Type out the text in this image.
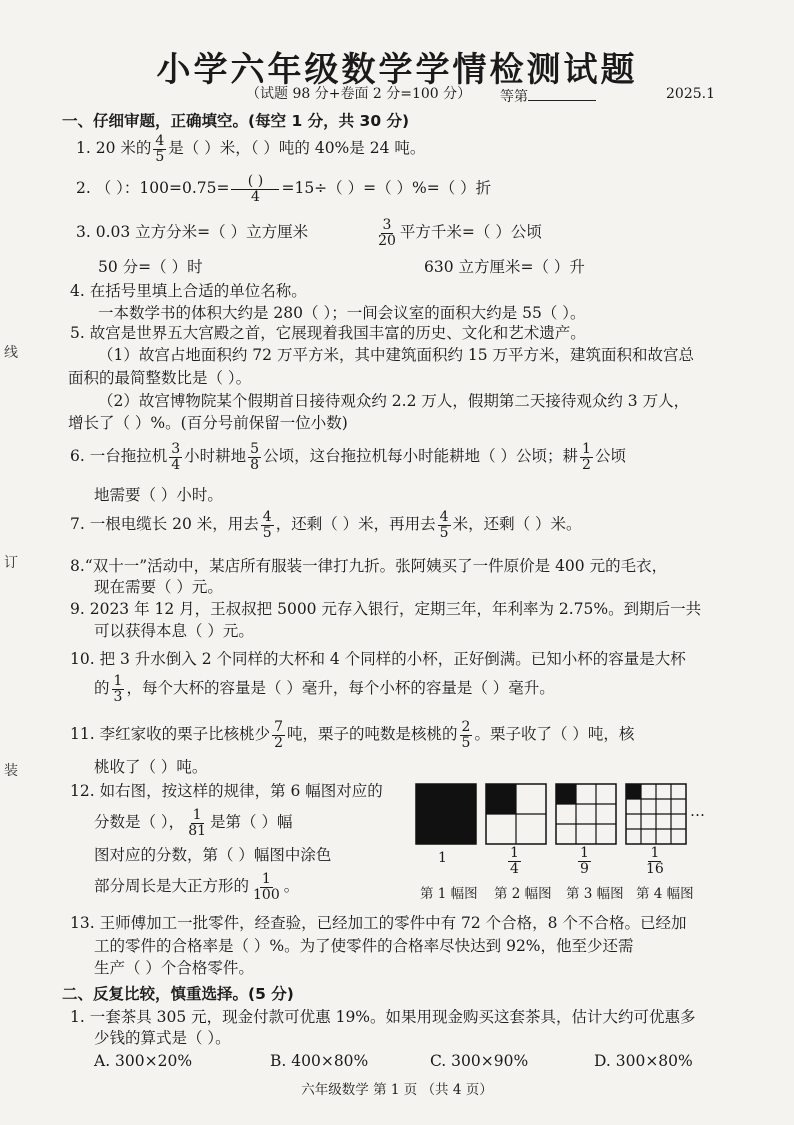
线
订
装
小学六年级数学学情检测试题
（试题 98 分+卷面 2 分=100 分） 等第	2025.1
一、仔细审题，正确填空。(每空 1 分，共 30 分)
1. 20 米的 $\frac{4}{5}$ 是（ ）米，（ ）吨的 40%是 24 吨。
2. （ ）：$100=0.75= \frac{( )}{4} =15\div$（ ）=（ ）%=（ ）折
3. 0.03 立方分米=（ ）立方厘米	$\frac{3}{20}$ 平方千米=（ ）公顷
50 分=（ ）时	630 立方厘米=（ ）升
4. 在括号里填上合适的单位名称。
一本数学书的体积大约是 280（ ）；一间会议室的面积大约是 55（ ）。
5. 故宫是世界五大宫殿之首，它展现着我国丰富的历史、文化和艺术遗产。
（1）故宫占地面积约 72 万平方米，其中建筑面积约 15 万平方米，建筑面积和故宫总
面积的最简整数比是（ ）。
（2）故宫博物院某个假期首日接待观众约 2.2 万人，假期第二天接待观众约 3 万人，
增长了（ ）%。(百分号前保留一位小数)
6. 一台拖拉机 $\frac{3}{4}$ 小时耕地 $\frac{5}{8}$ 公顷，这台拖拉机每小时能耕地（ ）公顷；耕 $\frac{1}{2}$ 公顷
地需要（ ）小时。
7. 一根电缆长 20 米，用去 $\frac{4}{5}$ ，还剩（ ）米，再用去 $\frac{4}{5}$ 米，还剩（ ）米。
8.“双十一”活动中，某店所有服装一律打九折。张阿姨买了一件原价是 400 元的毛衣，
现在需要（ ）元。
9. 2023 年 12 月，王叔叔把 5000 元存入银行，定期三年，年利率为 2.75%。到期后一共
可以获得本息（ ）元。
10. 把 3 升水倒入 2 个同样的大杯和 4 个同样的小杯，正好倒满。已知小杯的容量是大杯
的 $\frac{1}{3}$ ，每个大杯的容量是（ ）毫升，每个小杯的容量是（ ）毫升。
11. 李红家收的栗子比核桃少 $\frac{7}{2}$ 吨，栗子的吨数是核桃的 $\frac{2}{5}$ 。栗子收了（ ）吨，核
桃收了（ ）吨。
12. 如右图，按这样的规律，第 6 幅图对应的
分数是（ ）， $\frac{1}{81}$ 是第（ ）幅
图对应的分数，第（ ）幅图中涂色
部分周长是大正方形的 $\frac{1}{100}$ 。
…
1	$\frac{1}{4}$	$\frac{1}{9}$	$\frac{1}{16}$
第 1 幅图 第 2 幅图 第 3 幅图 第 4 幅图
13. 王师傅加工一批零件，经查验，已经加工的零件中有 72 个合格，8 个不合格。已经加
工的零件的合格率是（ ）%。为了使零件的合格率尽快达到 92%，他至少还需
生产（ ）个合格零件。
二、反复比较，慎重选择。(5 分)
1. 一套茶具 305 元，现金付款可优惠 19%。如果用现金购买这套茶具，估计大约可优惠多
少钱的算式是（ ）。
A. 300×20%	B. 400×80%	C. 300×90%	D. 300×80%
六年级数学 第 1 页 （共 4 页）
